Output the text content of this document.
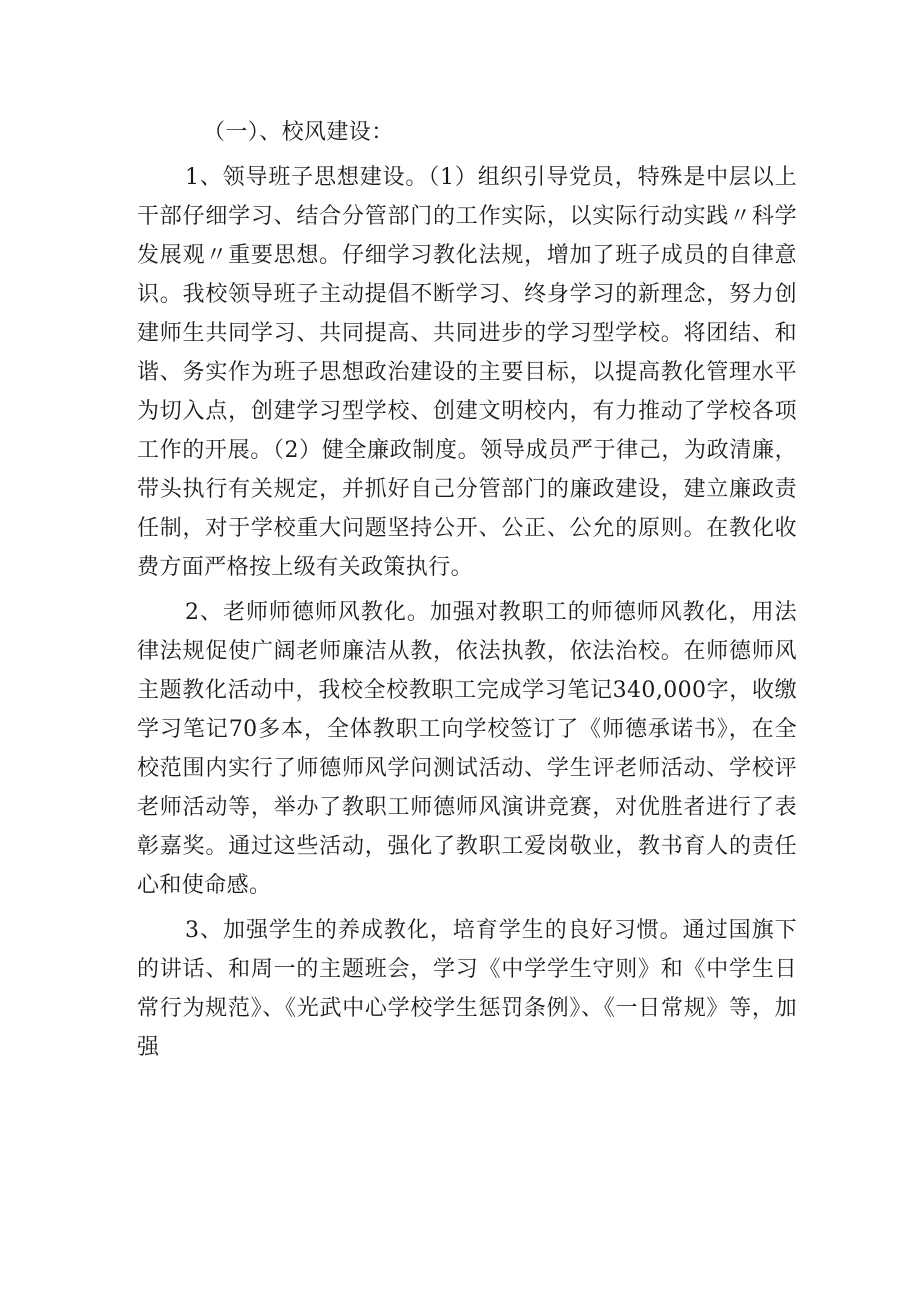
（一）、校风建设：

1、领导班子思想建设。（1）组织引导党员，特殊是中层以上干部仔细学习、结合分管部门的工作实际，以实际行动实践〃科学发展观〃重要思想。仔细学习教化法规，增加了班子成员的自律意识。我校领导班子主动提倡不断学习、终身学习的新理念，努力创建师生共同学习、共同提高、共同进步的学习型学校。将团结、和谐、务实作为班子思想政治建设的主要目标，以提高教化管理水平为切入点，创建学习型学校、创建文明校内，有力推动了学校各项工作的开展。（2）健全廉政制度。领导成员严于律己，为政清廉，带头执行有关规定，并抓好自己分管部门的廉政建设，建立廉政责任制，对于学校重大问题坚持公开、公正、公允的原则。在教化收费方面严格按上级有关政策执行。

2、老师师德师风教化。加强对教职工的师德师风教化，用法律法规促使广阔老师廉洁从教，依法执教，依法治校。在师德师风主题教化活动中，我校全校教职工完成学习笔记340,000字，收缴学习笔记70多本，全体教职工向学校签订了《师德承诺书》，在全校范围内实行了师德师风学问测试活动、学生评老师活动、学校评老师活动等，举办了教职工师德师风演讲竞赛，对优胜者进行了表彰嘉奖。通过这些活动，强化了教职工爱岗敬业，教书育人的责任心和使命感。

3、加强学生的养成教化，培育学生的良好习惯。通过国旗下的讲话、和周一的主题班会，学习《中学学生守则》和《中学生日常行为规范》、《光武中心学校学生惩罚条例》、《一日常规》等，加强
